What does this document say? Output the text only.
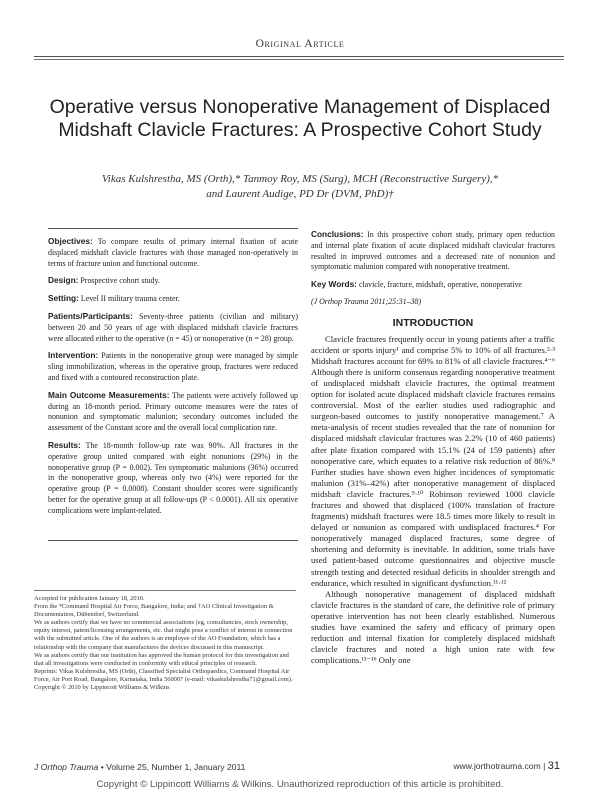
Original Article
Operative versus Nonoperative Management of Displaced Midshaft Clavicle Fractures: A Prospective Cohort Study
Vikas Kulshrestha, MS (Orth),* Tanmoy Roy, MS (Surg), MCH (Reconstructive Surgery),*
and Laurent Audige, PD Dr (DVM, PhD)†

Objectives: To compare results of primary internal fixation of acute displaced midshaft clavicle fractures with those managed non-operatively in terms of fracture union and functional outcome.

Design: Prospective cohort study.

Setting: Level II military trauma center.

Patients/Participants: Seventy-three patients (civilian and military) between 20 and 50 years of age with displaced midshaft clavicle fractures were allocated either to the operative (n = 45) or nonoperative (n = 28) group.

Intervention: Patients in the nonoperative group were managed by simple sling immobilization, whereas in the operative group, fractures were reduced and fixed with a contoured reconstruction plate.

Main Outcome Measurements: The patients were actively followed up during an 18-month period. Primary outcome measures were the rates of nonunion and symptomatic malunion; secondary outcomes included the assessment of the Constant score and the overall local complication rate.

Results: The 18-month follow-up rate was 90%. All fractures in the operative group united compared with eight nonunions (29%) in the nonoperative group (P = 0.002). Ten symptomatic malunions (36%) occurred in the nonoperative group, whereas only two (4%) were reported for the operative group (P = 0.0008). Constant shoulder scores were significantly better for the operative group at all follow-ups (P < 0.0001). All six operative complications were implant-related.

Conclusions: In this prospective cohort study, primary open reduction and internal plate fixation of acute displaced midshaft clavicular fractures resulted in improved outcomes and a decreased rate of nonunion and symptomatic malunion compared with nonoperative treatment.

Key Words: clavicle, fracture, midshaft, operative, nonoperative

(J Orthop Trauma 2011;25:31–38)

INTRODUCTION

Clavicle fractures frequently occur in young patients after a traffic accident or sports injury¹ and comprise 5% to 10% of all fractures.²·³ Midshaft fractures account for 69% to 81% of all clavicle fractures.⁴⁻⁶ Although there is uniform consensus regarding nonoperative treatment of undisplaced midshaft clavicle fractures, the optimal treatment option for isolated acute displaced midshaft clavicle fractures remains controversial. Most of the earlier studies used radiographic and surgeon-based outcomes to justify nonoperative management.⁷ A meta-analysis of recent studies revealed that the rate of nonunion for displaced midshaft clavicular fractures was 2.2% (10 of 460 patients) after plate fixation compared with 15.1% (24 of 159 patients) after nonoperative care, which equates to a relative risk reduction of 86%.⁸ Further studies have shown even higher incidences of symptomatic malunion (31%–42%) after nonoperative management of displaced midshaft clavicle fractures.⁹·¹⁰ Robinson reviewed 1000 clavicle fractures and showed that displaced (100% translation of fracture fragments) midshaft fractures were 18.5 times more likely to result in delayed or nonunion as compared with undisplaced fractures.⁴ For nonoperatively managed displaced fractures, some degree of shortening and deformity is inevitable. In addition, some trials have used patient-based outcome questionnaires and objective muscle strength testing and detected residual deficits in shoulder strength and endurance, which resulted in significant dysfunction.¹¹·¹²

Although nonoperative management of displaced midshaft clavicle fractures is the standard of care, the definitive role of primary operative intervention has not been clearly established. Numerous studies have examined the safety and efficacy of primary open reduction and internal fixation for completely displaced midshaft clavicle fractures and noted a high union rate with few complications.¹³⁻¹⁶ Only one

Accepted for publication January 18, 2010.

From the *Command Hospital Air Force, Bangalore, India; and †AO Clinical Investigation & Documentation, Dübendorf, Switzerland.

We as authors certify that we have no commercial associations (eg, consultancies, stock ownership, equity interest, patent/licensing arrangements, etc. that might pose a conflict of interest in connection with the submitted article. One of the authors is an employee of the AO Foundation, which has a relationship with the company that manufactures the devices discussed in this manuscript.

We as authors certify that our institution has approved the human protocol for this investigation and that all investigations were conducted in conformity with ethical principles of research.

Reprints: Vikas Kulshrestha, MS (Orth), Classified Specialist Orthopaedics, Command Hospital Air Force, Air Port Road, Bangalore, Karnataka, India 560007 (e-mail: vikaskulshrestha71@gmail.com).

Copyright © 2010 by Lippincott Williams & Wilkins

J Orthop Trauma • Volume 25, Number 1, January 2011	www.jorthotrauma.com | 31
Copyright © Lippincott Williams & Wilkins. Unauthorized reproduction of this article is prohibited.
